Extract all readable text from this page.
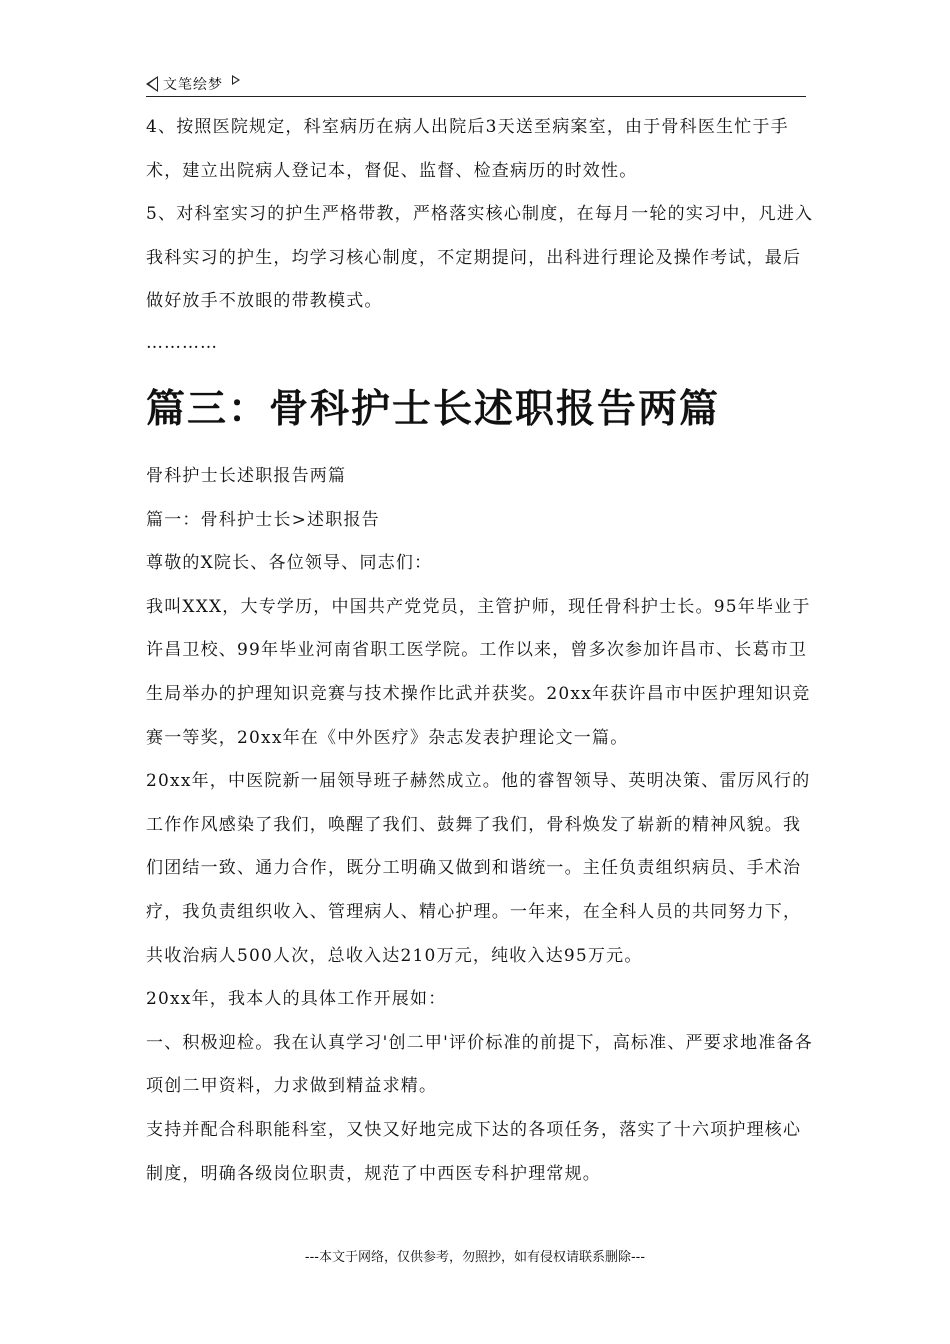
文笔绘梦

4、按照医院规定，科室病历在病人出院后3天送至病案室，由于骨科医生忙于手术，建立出院病人登记本，督促、监督、检查病历的时效性。

5、对科室实习的护生严格带教，严格落实核心制度，在每月一轮的实习中，凡进入我科实习的护生，均学习核心制度，不定期提问，出科进行理论及操作考试，最后做好放手不放眼的带教模式。

…………
篇三：骨科护士长述职报告两篇

骨科护士长述职报告两篇

篇一：骨科护士长>述职报告

尊敬的X院长、各位领导、同志们：

我叫XXX，大专学历，中国共产党党员，主管护师，现任骨科护士长。95年毕业于许昌卫校、99年毕业河南省职工医学院。工作以来，曾多次参加许昌市、长葛市卫生局举办的护理知识竞赛与技术操作比武并获奖。20xx年获许昌市中医护理知识竞赛一等奖，20xx年在《中外医疗》杂志发表护理论文一篇。

20xx年，中医院新一届领导班子赫然成立。他的睿智领导、英明决策、雷厉风行的工作作风感染了我们，唤醒了我们、鼓舞了我们，骨科焕发了崭新的精神风貌。我们团结一致、通力合作，既分工明确又做到和谐统一。主任负责组织病员、手术治疗，我负责组织收入、管理病人、精心护理。一年来，在全科人员的共同努力下，共收治病人500人次，总收入达210万元，纯收入达95万元。

20xx年，我本人的具体工作开展如：

一、积极迎检。我在认真学习'创二甲'评价标准的前提下，高标准、严要求地准备各项创二甲资料，力求做到精益求精。

支持并配合科职能科室，又快又好地完成下达的各项任务，落实了十六项护理核心制度，明确各级岗位职责，规范了中西医专科护理常规。

---本文于网络，仅供参考，勿照抄，如有侵权请联系删除---
